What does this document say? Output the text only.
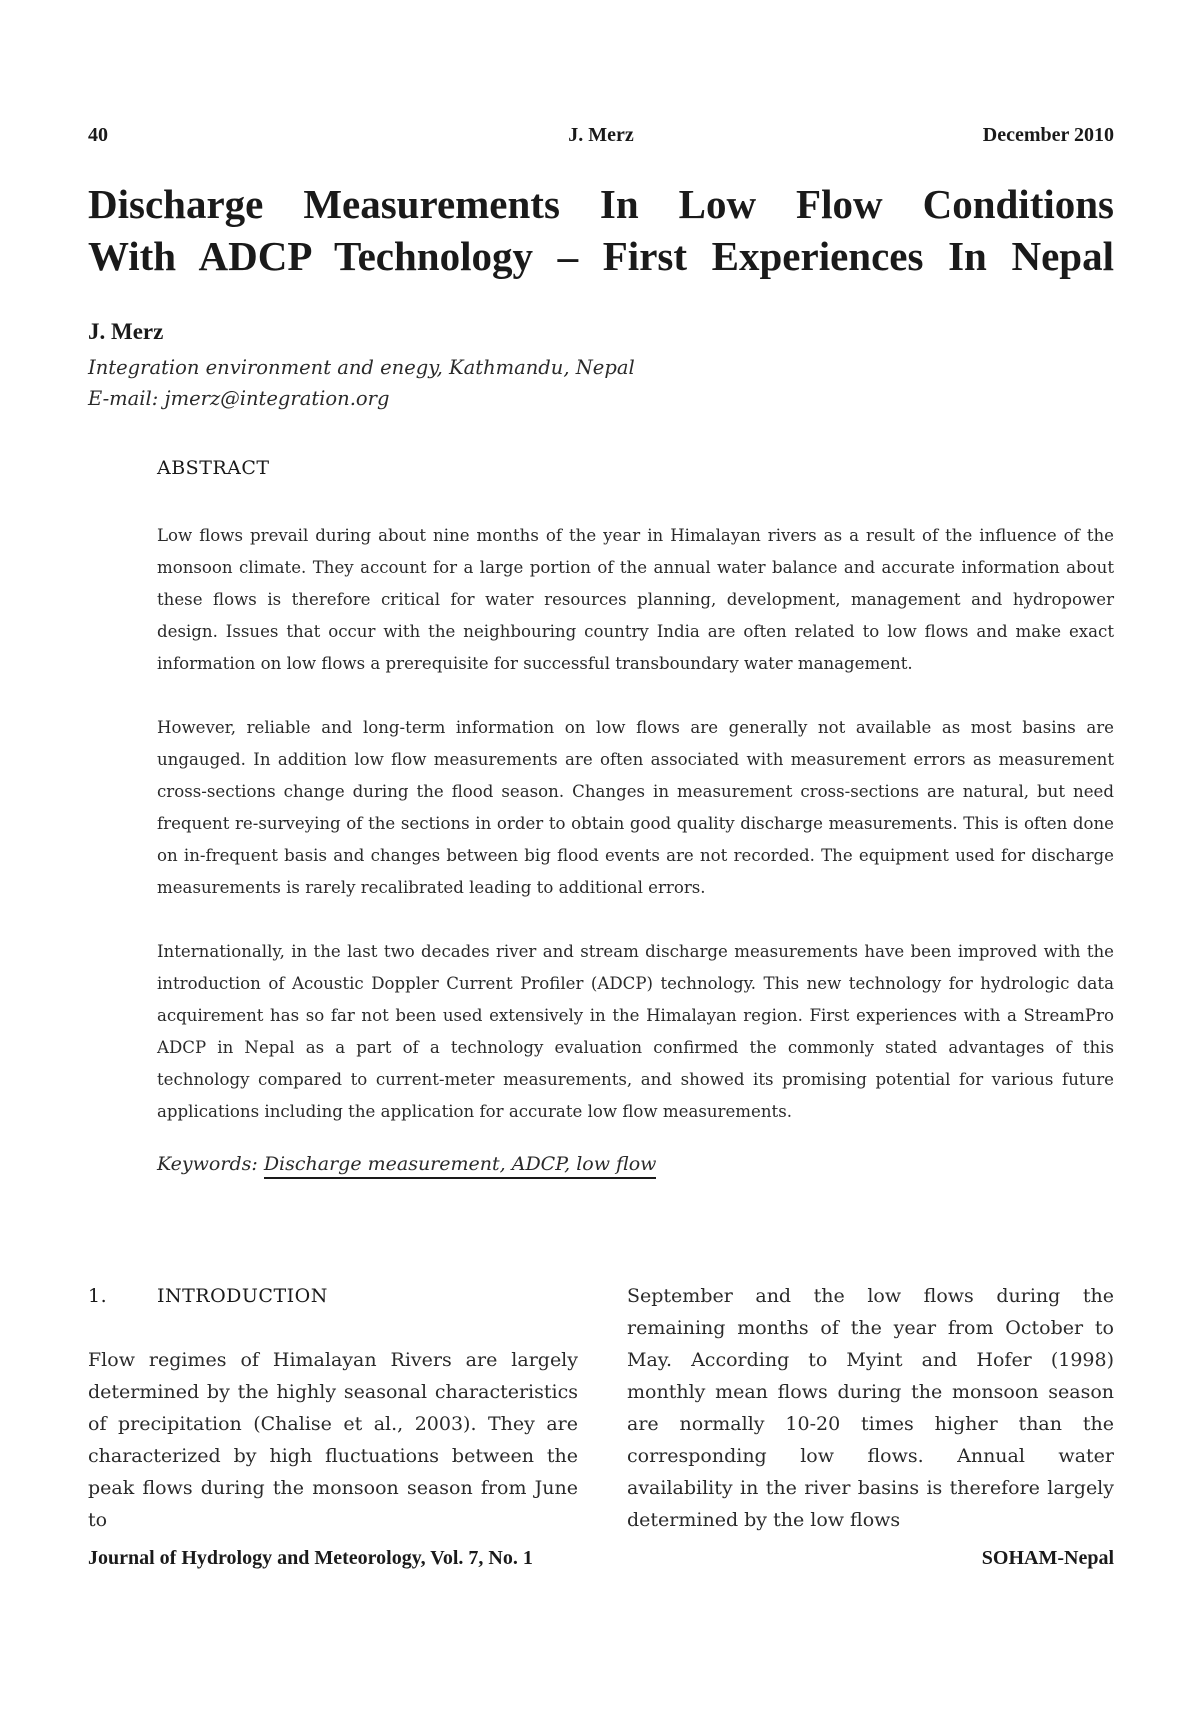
40	J. Merz	December 2010
Discharge Measurements In Low Flow Conditions
With ADCP Technology – First Experiences In Nepal
J. Merz
Integration environment and enegy, Kathmandu, Nepal
E-mail: jmerz@integration.org
ABSTRACT

Low flows prevail during about nine months of the year in Himalayan rivers as a result of the influence of the monsoon climate. They account for a large portion of the annual water balance and accurate information about these flows is therefore critical for water resources planning, development, management and hydropower design. Issues that occur with the neighbouring country India are often related to low flows and make exact information on low flows a prerequisite for successful transboundary water management.

However, reliable and long-term information on low flows are generally not available as most basins are ungauged. In addition low flow measurements are often associated with measurement errors as measurement cross-sections change during the flood season. Changes in measurement cross-sections are natural, but need frequent re-surveying of the sections in order to obtain good quality discharge measurements. This is often done on in-frequent basis and changes between big flood events are not recorded. The equipment used for discharge measurements is rarely recalibrated leading to additional errors.

Internationally, in the last two decades river and stream discharge measurements have been improved with the introduction of Acoustic Doppler Current Profiler (ADCP) technology. This new technology for hydrologic data acquirement has so far not been used extensively in the Himalayan region. First experiences with a StreamPro ADCP in Nepal as a part of a technology evaluation confirmed the commonly stated advantages of this technology compared to current-meter measurements, and showed its promising potential for various future applications including the application for accurate low flow measurements.

Keywords: Discharge measurement, ADCP, low flow
1.	INTRODUCTION

Flow regimes of Himalayan Rivers are largely determined by the highly seasonal characteristics of precipitation (Chalise et al., 2003). They are characterized by high fluctuations between the peak flows during the monsoon season from June to

September and the low flows during the remaining months of the year from October to May. According to Myint and Hofer (1998) monthly mean flows during the monsoon season are normally 10-20 times higher than the corresponding low flows. Annual water availability in the river basins is therefore largely determined by the low flows

Journal of Hydrology and Meteorology, Vol. 7, No. 1	SOHAM-Nepal
